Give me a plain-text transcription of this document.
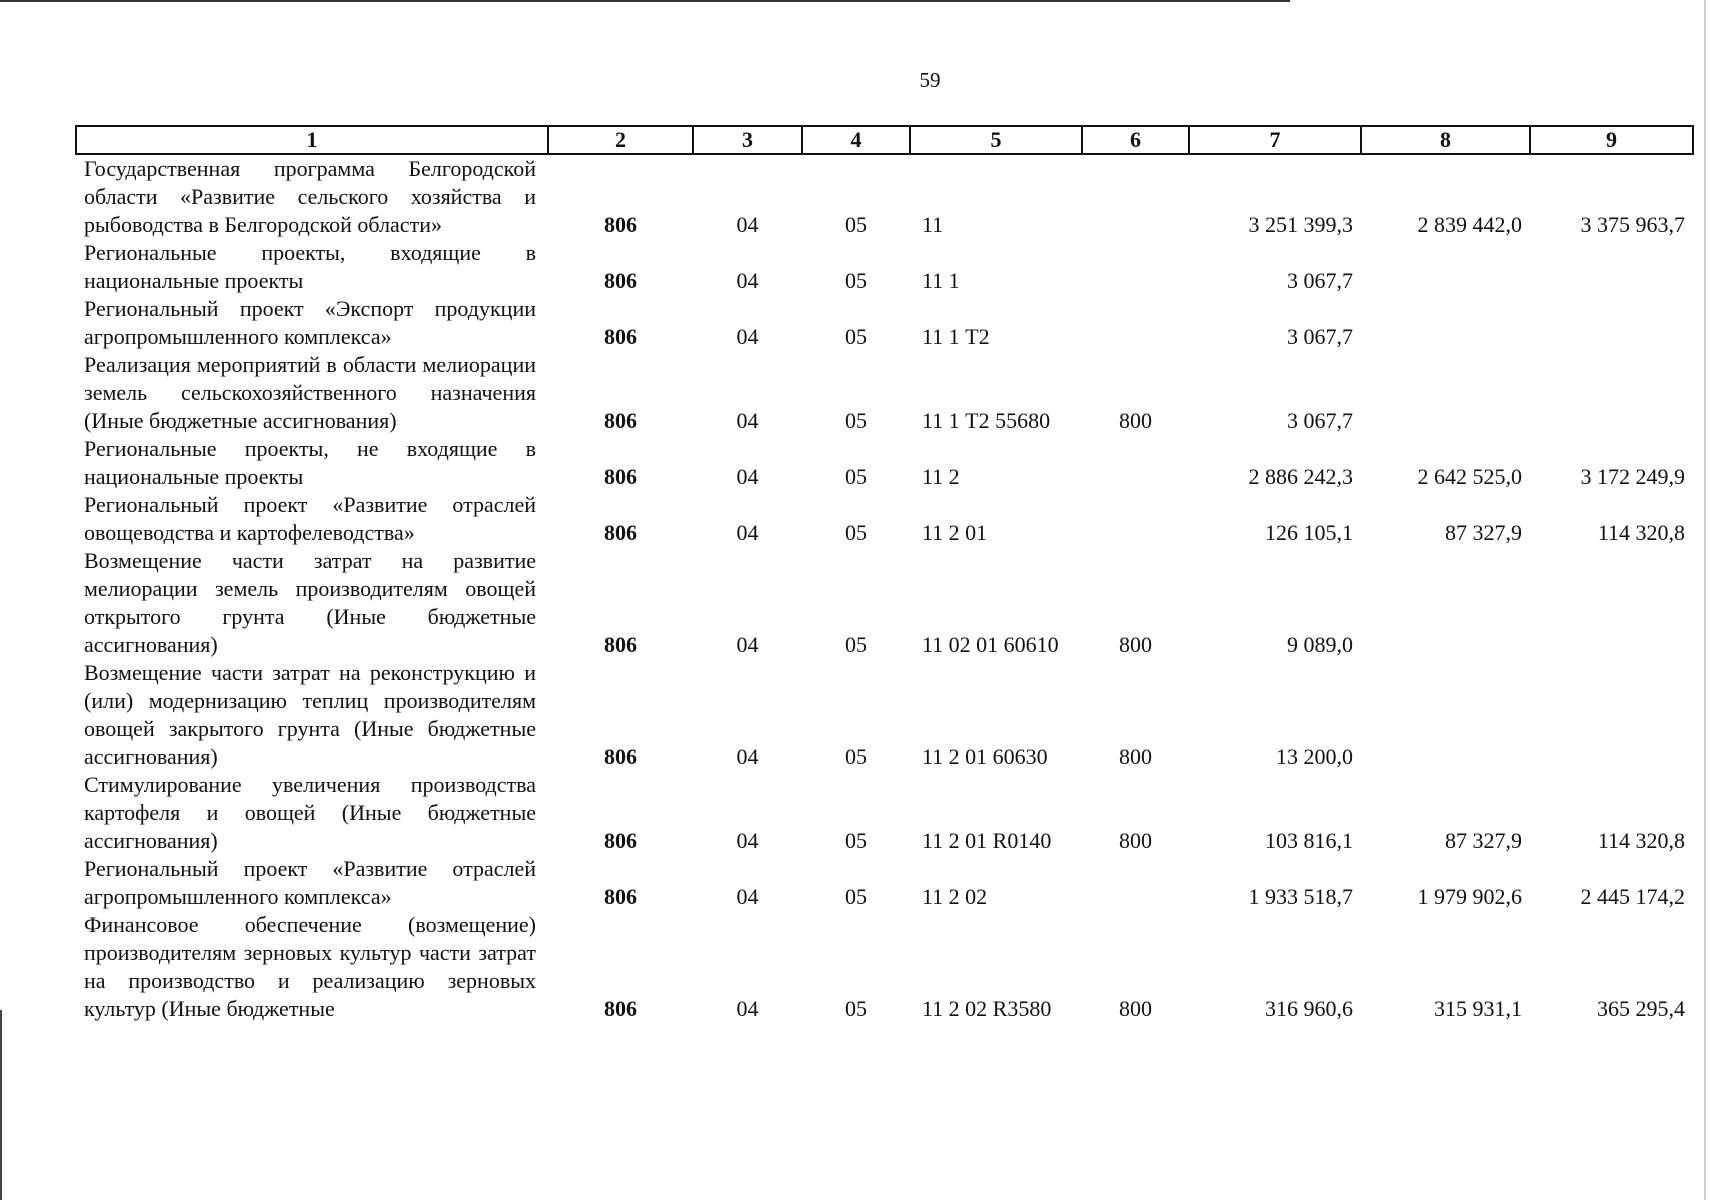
59
1	2	3	4	5	6	7	8	9
Государственная программа Белгородской области «Развитие сельского хозяйства и рыбоводства в Белгородской области»	806	04	05	11		3 251 399,3	2 839 442,0	3 375 963,7
Региональные проекты, входящие в национальные проекты	806	04	05	11 1		3 067,7		
Региональный проект «Экспорт продукции агропромышленного комплекса»	806	04	05	11 1 Т2		3 067,7		
Реализация мероприятий в области мелиорации земель сельскохозяйственного назначения (Иные бюджетные ассигнования)	806	04	05	11 1 Т2 55680	800	3 067,7		
Региональные проекты, не входящие в национальные проекты	806	04	05	11 2		2 886 242,3	2 642 525,0	3 172 249,9
Региональный проект «Развитие отраслей овощеводства и картофелеводства»	806	04	05	11 2 01		126 105,1	87 327,9	114 320,8
Возмещение части затрат на развитие мелиорации земель производителям овощей открытого грунта (Иные бюджетные ассигнования)	806	04	05	11 02 01 60610	800	9 089,0		
Возмещение части затрат на реконструкцию и (или) модернизацию теплиц производителям овощей закрытого грунта (Иные бюджетные ассигнования)	806	04	05	11 2 01 60630	800	13 200,0		
Стимулирование увеличения производства картофеля и овощей (Иные бюджетные ассигнования)	806	04	05	11 2 01 R0140	800	103 816,1	87 327,9	114 320,8
Региональный проект «Развитие отраслей агропромышленного комплекса»	806	04	05	11 2 02		1 933 518,7	1 979 902,6	2 445 174,2
Финансовое обеспечение (возмещение) производителям зерновых культур части затрат на производство и реализацию зерновых культур (Иные бюджетные	806	04	05	11 2 02 R3580	800	316 960,6	315 931,1	365 295,4
